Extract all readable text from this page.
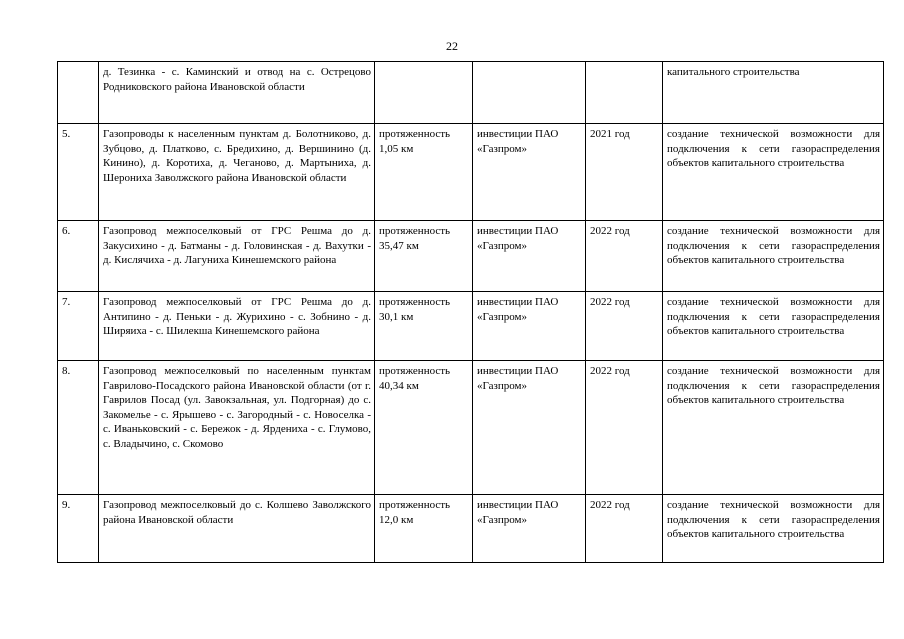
22
	д. Тезинка - с. Каминский и отвод на с. Острецово Родниковского района Ивановской области				капитального строительства
5.	Газопроводы к населенным пунктам д. Болотниково, д. Зубцово, д. Платково, с. Бредихино, д. Вершинино (д. Кинино), д. Коротиха, д. Чеганово, д. Мартыниха, д. Шерониха Заволжского района Ивановской области	протяженность 1,05 км	инвестиции ПАО «Газпром»	2021 год	создание технической возможности для подключения к сети газораспределения объектов капитального строительства
6.	Газопровод межпоселковый от ГРС Решма до д. Закусихино - д. Батманы - д. Головинская - д. Вахутки - д. Кислячиха - д. Лагуниха Кинешемского района	протяженность 35,47 км	инвестиции ПАО «Газпром»	2022 год	создание технической возможности для подключения к сети газораспределения объектов капитального строительства
7.	Газопровод межпоселковый от ГРС Решма до д. Антипино - д. Пеньки - д. Журихино - с. Зобнино - д. Ширяиха - с. Шилекша Кинешемского района	протяженность 30,1 км	инвестиции ПАО «Газпром»	2022 год	создание технической возможности для подключения к сети газораспределения объектов капитального строительства
8.	Газопровод межпоселковый по населенным пунктам Гаврилово-Посадского района Ивановской области (от г. Гаврилов Посад (ул. Завокзальная, ул. Подгорная) до с. Закомелье - с. Ярышево - с. Загородный - с. Новоселка - с. Иваньковский - с. Бережок - д. Ярдениха - с. Глумово, с. Владычино, с. Скомово	протяженность 40,34 км	инвестиции ПАО «Газпром»	2022 год	создание технической возможности для подключения к сети газораспределения объектов капитального строительства
9.	Газопровод межпоселковый до с. Колшево Заволжского района Ивановской области	протяженность 12,0 км	инвестиции ПАО «Газпром»	2022 год	создание технической возможности для подключения к сети газораспределения объектов капитального строительства
